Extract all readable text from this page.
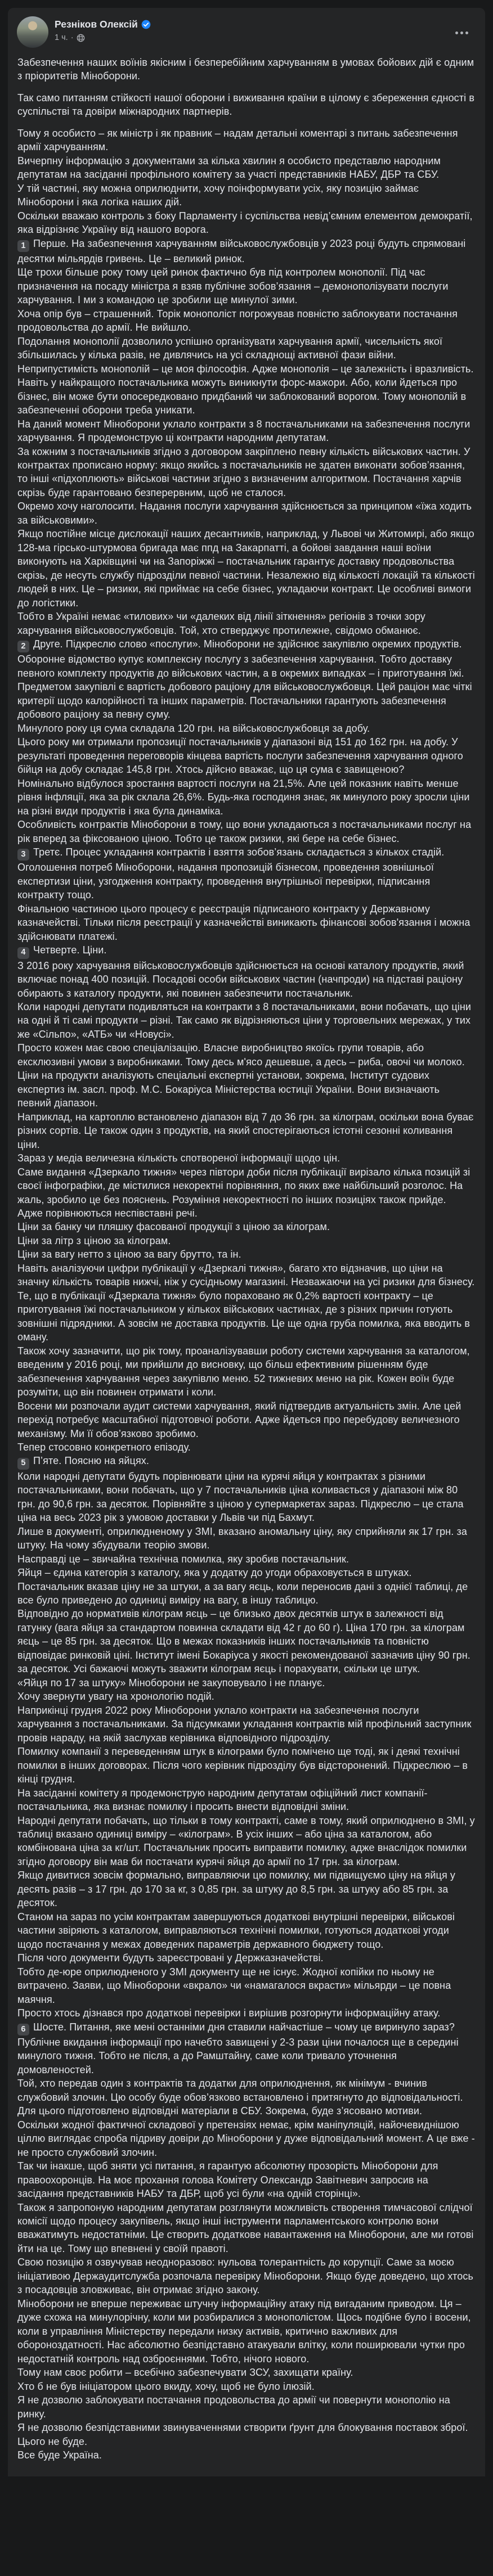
Резніков Олексій
1 ч. ·

Забезпечення наших воїнів якісним і безперебійним харчуванням в умовах бойових дій є одним з пріоритетів Міноборони.

Так само питанням стійкості нашої оборони і виживання країни в цілому є збереження єдності в суспільстві та довіри міжнародних партнерів.

Тому я особисто – як міністр і як правник – надам детальні коментарі з питань забезпечення армії харчуванням.

Вичерпну інформацію з документами за кілька хвилин я особисто представлю народним депутатам на засіданні профільного комітету за участі представників НАБУ, ДБР та СБУ.

У тій частині, яку можна оприлюднити, хочу поінформувати усіх, яку позицію займає Міноборони і яка логіка наших дій.

Оскільки вважаю контроль з боку Парламенту і суспільства невід’ємним елементом демократії, яка відрізняє Україну від нашого ворога.

1 Перше. На забезпечення харчуванням військовослужбовців у 2023 році будуть спрямовані десятки мільярдів гривень. Це – великий ринок.

Ще трохи більше року тому цей ринок фактично був під контролем монополії. Під час призначення на посаду міністра я взяв публічне зобов’язання – демонополізувати послуги харчування. І ми з командою це зробили ще минулої зими.

Хоча опір був – страшенний. Торік монополіст погрожував повністю заблокувати постачання продовольства до армії. Не вийшло.

Подолання монополії дозволило успішно організувати харчування армії, чисельність якої збільшилась у кілька разів, не дивлячись на усі складнощі активної фази війни.

Неприпустимість монополій – це моя філософія. Адже монополія – це залежність і вразливість. Навіть у найкращого постачальника можуть виникнути форс-мажори. Або, коли йдеться про бізнес, він може бути опосередковано придбаний чи заблокований ворогом. Тому монополій в забезпеченні оборони треба уникати.

На даний момент Міноборони уклало контракти з 8 постачальниками на забезпечення послуги харчування. Я продемонструю ці контракти народним депутатам.

За кожним з постачальників згідно з договором закріплено певну кількість військових частин. У контрактах прописано норму: якщо якийсь з постачальників не здатен виконати зобов’язання, то інші «підхоплюють» військові частини згідно з визначеним алгоритмом. Постачання харчів скрізь буде гарантовано безперервним, щоб не сталося.

Окремо хочу наголосити. Надання послуги харчування здійснюється за принципом «їжа ходить за військовими».

Якщо постійне місце дислокації наших десантників, наприклад, у Львові чи Житомирі, або якщо 128-ма гірсько-штурмова бригада має ппд на Закарпатті, а бойові завдання наші воїни виконують на Харківщині чи на Запоріжжі – постачальник гарантує доставку продовольства скрізь, де несуть службу підрозділи певної частини. Незалежно від кількості локацій та кількості людей в них. Це – ризики, які приймає на себе бізнес, укладаючи контракт. Це особливі вимоги до логістики.

Тобто в Україні немає «тилових» чи «далеких від лінії зіткнення» регіонів з точки зору харчування військовослужбовців. Той, хто стверджує протилежне, свідомо обманює.

2 Друге. Підкреслю слово «послуги». Міноборони не здійснює закупівлю окремих продуктів. Оборонне відомство купує комплексну послугу з забезпечення харчування. Тобто доставку певного комплекту продуктів до військових частин, а в окремих випадках – і приготування їжі.

Предметом закупівлі є вартість добового раціону для військовослужбовця. Цей раціон має чіткі критерії щодо калорійності та інших параметрів. Постачальники гарантують забезпечення добового раціону за певну суму.

Минулого року ця сума складала 120 грн. на військовослужбовця за добу.

Цього року ми отримали пропозиції постачальників у діапазоні від 151 до 162 грн. на добу. У результаті проведення переговорів кінцева вартість послуги забезпечення харчування одного бійця на добу складає 145,8 грн. Хтось дійсно вважає, що ця сума є завищеною?

Номінально відбулося зростання вартості послуги на 21,5%. Але цей показник навіть менше рівня інфляції, яка за рік склала 26,6%. Будь-яка господиня знає, як минулого року зросли ціни на різні види продуктів і яка була динаміка.

Особливість контрактів Міноборони в тому, що вони укладаються з постачальниками послуг на рік вперед за фіксованою ціною. Тобто це також ризики, які бере на себе бізнес.

3 Третє. Процес укладання контрактів і взяття зобов’язань складається з кількох стадій. Оголошення потреб Міноборони, надання пропозицій бізнесом, проведення зовнішньої експертизи ціни, узгодження контракту, проведення внутрішньої перевірки, підписання контракту тощо.

Фінальною частиною цього процесу є реєстрація підписаного контракту у Державному казначействі. Тільки після реєстрації у казначействі виникають фінансові зобов'язання і можна здійснювати платежі.

4 Четверте. Ціни.

З 2016 року харчування військовослужбовців здійснюється на основі каталогу продуктів, який включає понад 400 позицій. Посадові особи військових частин (начпроди) на підставі раціону обирають з каталогу продукти, які повинен забезпечити постачальник.

Коли народні депутати подивляться на контракти з 8 постачальниками, вони побачать, що ціни на одні й ті самі продукти – різні. Так само як відрізняються ціни у торговельних мережах, у тих же «Сільпо», «АТБ» чи «Новусі».

Просто кожен має свою спеціалізацію. Власне виробництво якоїсь групи товарів, або ексклюзивні умови з виробниками. Тому десь м'ясо дешевше, а десь – риба, овочі чи молоко.

Ціни на продукти аналізують спеціальні експертні установи, зокрема, Інститут судових експертиз ім. засл. проф. М.С. Бокаріуса Міністерства юстиції України. Вони визначають певний діапазон.

Наприклад, на картоплю встановлено діапазон від 7 до 36 грн. за кілограм, оскільки вона буває різних сортів. Це також один з продуктів, на який спостерігаються істотні сезонні коливання ціни.

Зараз у медіа величезна кількість спотвореної інформації щодо цін.

Саме видання «Дзеркало тижня» через півтори доби після публікації вирізало кілька позицій зі своєї інфографіки, де містилися некоректні порівняння, по яких вже найбільший розголос. На жаль, зробило це без пояснень. Розуміння некоректності по інших позиціях також прийде.

Адже порівнюються неспівставні речі.

Ціни за банку чи пляшку фасованої продукції з ціною за кілограм.

Ціни за літр з ціною за кілограм.

Ціни за вагу нетто з ціною за вагу брутто, та ін.

Навіть аналізуючи цифри публікації у «Дзеркалі тижня», багато хто відзначив, що ціни на значну кількість товарів нижчі, ніж у сусідньому магазині. Незважаючи на усі ризики для бізнесу.

Те, що в публікації «Дзеркала тижня» було пораховано як 0,2% вартості контракту – це приготування їжі постачальником у кількох військових частинах, де з різних причин готують зовнішні підрядники. А зовсім не доставка продуктів. Це ще одна груба помилка, яка вводить в оману.

Також хочу зазначити, що рік тому, проаналізувавши роботу системи харчування за каталогом, введеним у 2016 році, ми прийшли до висновку, що більш ефективним рішенням буде забезпечення харчування через закупівлю меню. 52 тижневих меню на рік. Кожен воїн буде розуміти, що він повинен отримати і коли.

Восени ми розпочали аудит системи харчування, який підтвердив актуальність змін. Але цей перехід потребує масштабної підготовчої роботи. Адже йдеться про перебудову величезного механізму. Ми її обов’язково зробимо.

Тепер стосовно конкретного епізоду.

5 П’яте. Поясню на яйцях.

Коли народні депутати будуть порівнювати ціни на курячі яйця у контрактах з різними постачальниками, вони побачать, що у 7 постачальників ціна коливається у діапазоні між 80 грн. до 90,6 грн. за десяток. Порівняйте з ціною у супермаркетах зараз. Підкреслю – це стала ціна на весь 2023 рік з умовою доставки у Львів чи під Бахмут.

Лише в документі, оприлюдненому у ЗМІ, вказано аномальну ціну, яку сприйняли як 17 грн. за штуку. На чому збудували теорію змови.

Насправді це – звичайна технічна помилка, яку зробив постачальник.

Яйця – єдина категорія з каталогу, яка у додатку до угоди обраховується в штуках.

Постачальник вказав ціну не за штуки, а за вагу яєць, коли переносив дані з однієї таблиці, де все було приведено до одиниці виміру на вагу, в іншу таблицю.

Відповідно до нормативів кілограм яєць – це близько двох десятків штук в залежності від гатунку (вага яйця за стандартом повинна складати від 42 г до 60 г). Ціна 170 грн. за кілограм яєць – це 85 грн. за десяток. Що в межах показників інших постачальників та повністю відповідає ринковій ціні. Інститут імені Бокаріуса у якості рекомендованої зазначив ціну 90 грн. за десяток. Усі бажаючі можуть зважити кілограм яєць і порахувати, скільки це штук.

«Яйця по 17 за штуку» Міноборони не закуповувало і не планує.

Хочу звернути увагу на хронологію подій.

Наприкінці грудня 2022 року Міноборони уклало контракти на забезпечення послуги харчування з постачальниками. За підсумками укладання контрактів мій профільний заступник провів нараду, на якій заслухав керівника відповідного підрозділу.

Помилку компанії з переведенням штук в кілограми було помічено ще тоді, як і деякі технічні помилки в інших договорах. Після чого керівник підрозділу був відсторонений. Підкреслюю – в кінці грудня.

На засіданні комітету я продемонструю народним депутатам офіційний лист компанії-постачальника, яка визнає помилку і просить внести відповідні зміни.

Народні депутати побачать, що тільки в тому контракті, саме в тому, який оприлюднено в ЗМІ, у таблиці вказано одиниці виміру – «кілограм». В усіх інших – або ціна за каталогом, або комбінована ціна за кг/шт. Постачальник просить виправити помилку, адже внаслідок помилки згідно договору він мав би постачати курячі яйця до армії по 17 грн. за кілограм.

Якщо дивитися зовсім формально, виправляючи цю помилку, ми підвищуємо ціну на яйця у десять разів – з 17 грн. до 170 за кг, з 0,85 грн. за штуку до 8,5 грн. за штуку або 85 грн. за десяток.

Станом на зараз по усім контрактам завершуються додаткові внутрішні перевірки, військові частини звіряють з каталогом, виправляються технічні помилки, готуються додаткові угоди щодо постачання у межах доведених параметрів державного бюджету тощо.

Після чого документи будуть зареєстровані у Держказначействі.

Тобто де-юре оприлюдненого у ЗМІ документу ще не існує. Жодної копійки по ньому не витрачено. Заяви, що Міноборони «вкрало» чи «намагалося вкрасти» мільярди – це повна маячня.

Просто хтось дізнався про додаткові перевірки і вирішив розгорнути інформаційну атаку.

6 Шосте. Питання, яке мені останніми дня ставили найчастіше – чому це виринуло зараз?

Публічне вкидання інформації про начебто завищені у 2-3 рази ціни почалося ще в середині минулого тижня. Тобто не після, а до Рамштайну, саме коли тривало уточнення домовленостей.

Той, хто передав один з контрактів та додатки для оприлюднення, як мінімум - вчинив службовий злочин. Цю особу буде обов’язково встановлено і притягнуто до відповідальності. Для цього підготовлено відповідні матеріали в СБУ. Зокрема, буде з’ясовано мотиви.

Оскільки жодної фактичної складової у претензіях немає, крім маніпуляцій, найочевиднішою ціллю виглядає спроба підриву довіри до Міноборони у дуже відповідальний момент. А це вже - не просто службовий злочин.

Так чи інакше, щоб зняти усі питання, я гарантую абсолютну прозорість Міноборони для правоохоронців. На моє прохання голова Комітету Олександр Завітневич запросив на засідання представників НАБУ та ДБР, щоб усі були «на одній сторінці».

Також я запропоную народним депутатам розглянути можливість створення тимчасової слідчої комісії щодо процесу закупівель, якщо інші інструменти парламентського контролю вони вважатимуть недостатніми. Це створить додаткове навантаження на Міноборони, але ми готові йти на це. Тому що впевнені у своїй правоті.

Свою позицію я озвучував неодноразово: нульова толерантність до корупції. Саме за моєю ініціативою Держаудитслужба розпочала перевірку Міноборони. Якщо буде доведено, що хтось з посадовців зловживає, він отримає згідно закону.

Міноборони не вперше переживає штучну інформаційну атаку під вигаданим приводом. Ця – дуже схожа на минулорічну, коли ми розбиралися з монополістом. Щось подібне було і восени, коли в управління Міністерству передали низку активів, критично важливих для обороноздатності. Нас абсолютно безпідставно атакували влітку, коли поширювали чутки про недостатній контроль над озброєннями. Тобто, нічого нового.

Тому нам своє робити – всебічно забезпечувати ЗСУ, захищати країну.

Хто б не був ініціатором цього вкиду, хочу, щоб не було ілюзій.

Я не дозволю заблокувати постачання продовольства до армії чи повернути монополію на ринку.

Я не дозволю безпідставними звинуваченнями створити ґрунт для блокування поставок зброї.

Цього не буде.

Все буде Україна.
